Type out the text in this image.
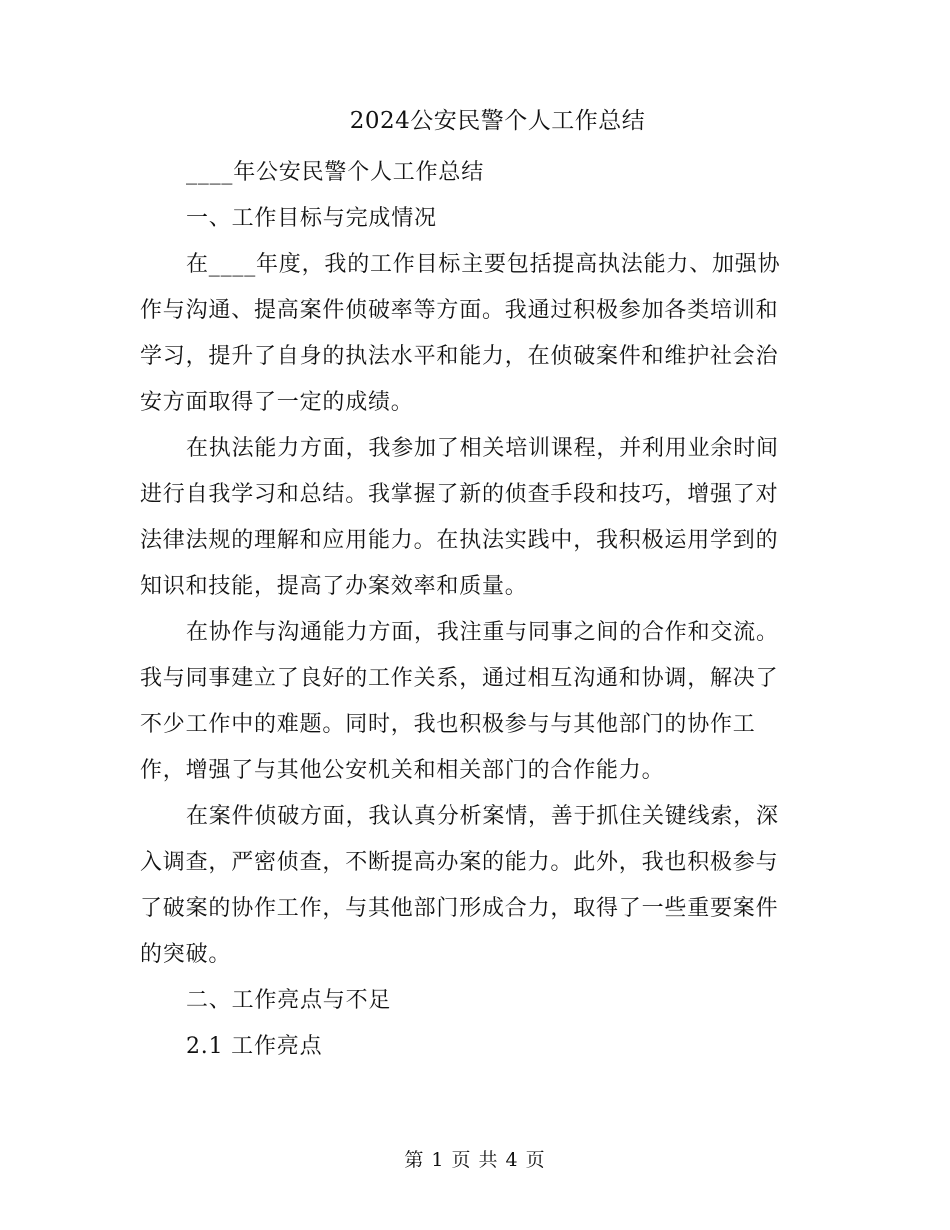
2024公安民警个人工作总结

____年公安民警个人工作总结

一、工作目标与完成情况

在____年度，我的工作目标主要包括提高执法能力、加强协作与沟通、提高案件侦破率等方面。我通过积极参加各类培训和学习，提升了自身的执法水平和能力，在侦破案件和维护社会治安方面取得了一定的成绩。

在执法能力方面，我参加了相关培训课程，并利用业余时间进行自我学习和总结。我掌握了新的侦查手段和技巧，增强了对法律法规的理解和应用能力。在执法实践中，我积极运用学到的知识和技能，提高了办案效率和质量。

在协作与沟通能力方面，我注重与同事之间的合作和交流。我与同事建立了良好的工作关系，通过相互沟通和协调，解决了不少工作中的难题。同时，我也积极参与与其他部门的协作工作，增强了与其他公安机关和相关部门的合作能力。

在案件侦破方面，我认真分析案情，善于抓住关键线索，深入调查，严密侦查，不断提高办案的能力。此外，我也积极参与了破案的协作工作，与其他部门形成合力，取得了一些重要案件的突破。

二、工作亮点与不足

2.1 工作亮点

第 1 页 共 4 页
